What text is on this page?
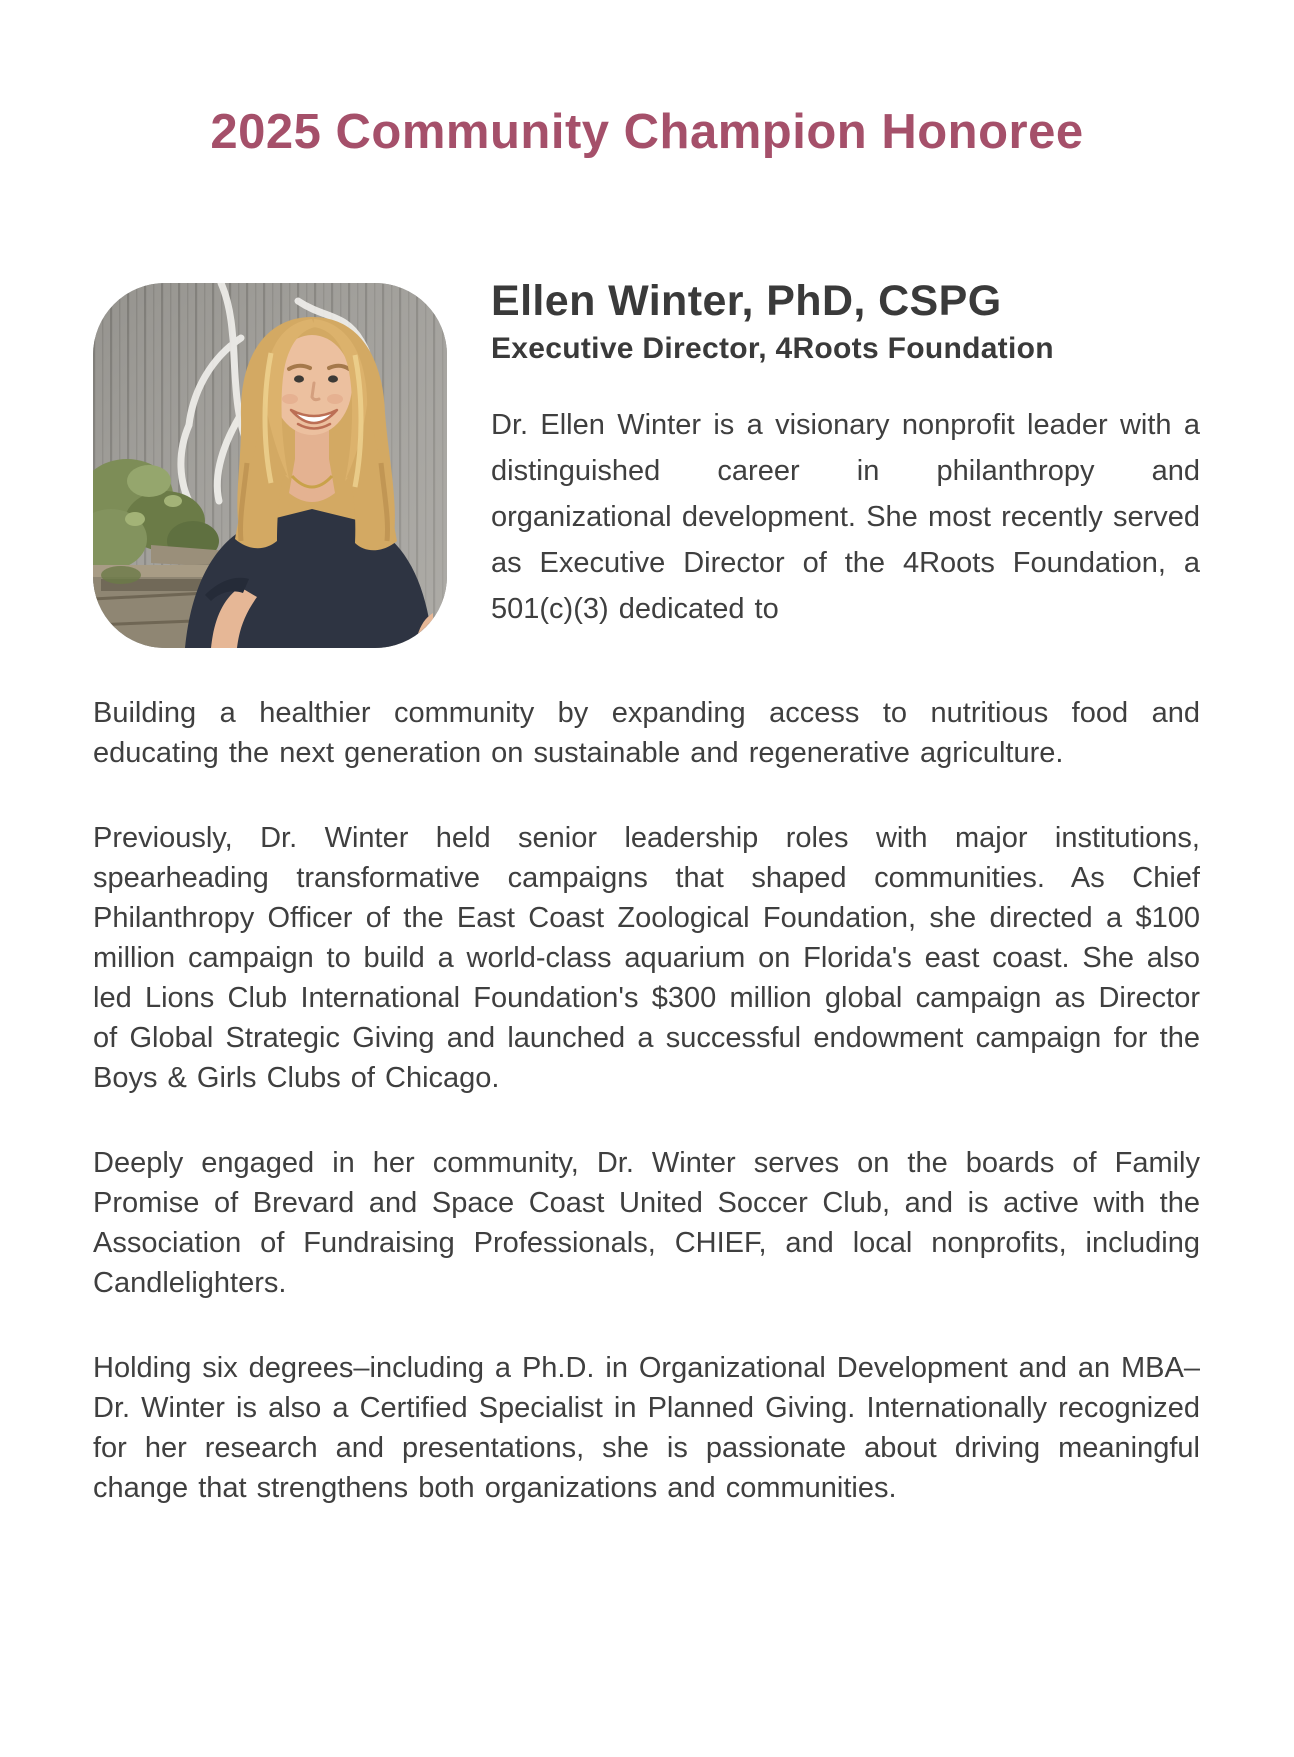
2025 Community Champion Honoree
Ellen Winter, PhD, CSPG
Executive Director, 4Roots Foundation

Dr. Ellen Winter is a visionary nonprofit leader with a distinguished career in philanthropy and organizational development. She most recently served as Executive Director of the 4Roots Foundation, a 501(c)(3) dedicated to

Building a healthier community by expanding access to nutritious food and educating the next generation on sustainable and regenerative agriculture.

Previously, Dr. Winter held senior leadership roles with major institutions, spearheading transformative campaigns that shaped communities. As Chief Philanthropy Officer of the East Coast Zoological Foundation, she directed a $100 million campaign to build a world-class aquarium on Florida's east coast. She also led Lions Club International Foundation's $300 million global campaign as Director of Global Strategic Giving and launched a successful endowment campaign for the Boys & Girls Clubs of Chicago.

Deeply engaged in her community, Dr. Winter serves on the boards of Family Promise of Brevard and Space Coast United Soccer Club, and is active with the Association of Fundraising Professionals, CHIEF, and local nonprofits, including Candlelighters.

Holding six degrees–including a Ph.D. in Organizational Development and an MBA–Dr. Winter is also a Certified Specialist in Planned Giving. Internationally recognized for her research and presentations, she is passionate about driving meaningful change that strengthens both organizations and communities.
